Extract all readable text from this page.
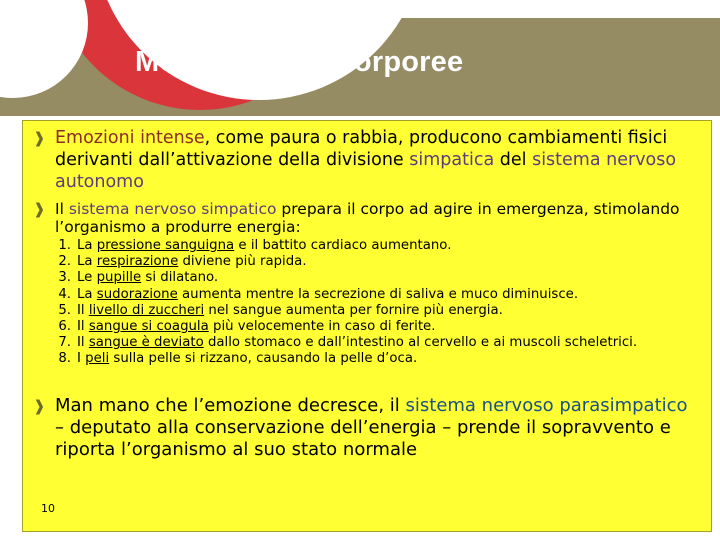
Modificazione corporee
❱ Emozioni intense, come paura o rabbia, producono cambiamenti fisici derivanti dall’attivazione della divisione simpatica del sistema nervoso autonomo
❱ Il sistema nervoso simpatico prepara il corpo ad agire in emergenza, stimolando l’organismo a produrre energia:
1. La pressione sanguigna e il battito cardiaco aumentano.
2. La respirazione diviene più rapida.
3. Le pupille si dilatano.
4. La sudorazione aumenta mentre la secrezione di saliva e muco diminuisce.
5. Il livello di zuccheri nel sangue aumenta per fornire più energia.
6. Il sangue si coagula più velocemente in caso di ferite.
7. Il sangue è deviato dallo stomaco e dall’intestino al cervello e ai muscoli scheletrici.
8. I peli sulla pelle si rizzano, causando la pelle d’oca.
❱ Man mano che l’emozione decresce, il sistema nervoso parasimpatico – deputato alla conservazione dell’energia – prende il sopravvento e riporta l’organismo al suo stato normale
10
